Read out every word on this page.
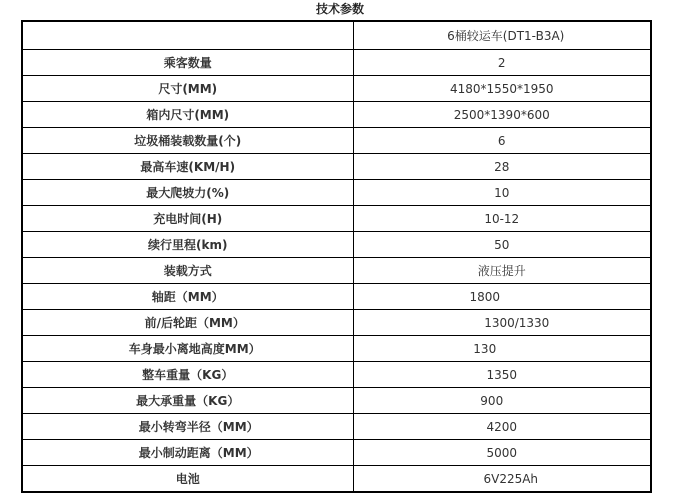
技术参数
	6桶较运车(DT1-B3A)
乘客数量	2
尺寸(MM)	4180*1550*1950
箱内尺寸(MM)	2500*1390*600
垃圾桶装载数量(个)	6
最高车速(KM/H)	28
最大爬坡力(%)	10
充电时间(H)	10-12
续行里程(km)	50
装载方式	液压提升
轴距（MM）	1800
前/后轮距（MM）	1300/1330
车身最小离地高度MM）	130
整车重量（KG）	1350
最大承重量（KG）	900
最小转弯半径（MM）	4200
最小制动距离（MM）	5000
电池	6V225Ah
